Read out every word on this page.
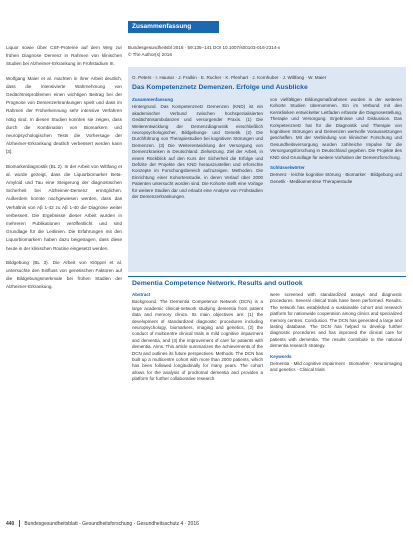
Liquor sowie Über CSF-Proteine auf dem Weg zur frühen Diagnose Demenz in Rahmen von klinischen Studien bei Alzheimer-Erkrankung im Frühstadium III.

Wolfgang Maier et al. machten in ihrer Arbeit deutlich, dass die intensivierte Wahrnehmung von Gedächtnisproblemen einen wichtigen Beitrag bei der Prognose von Demenzerkrankungen spielt und dass im Rahmen der Früherkennung sehr intensive Verfahren nötig sind. In diesen Studien konnten sie zeigen, dass durch die Kombination von Biomarkern und neuropsychologischen Tests die Vorhersage der Alzheimer-Erkrankung deutlich verbessert werden kann [3].

Biomarkerdiagnostik (BL 2). In der Arbeit von Wiltfang et al. wurde gezeigt, dass die Liquorbiomarker Beta-Amyloid und Tau eine Steigerung der diagnostischen Sicherheit bei Alzheimer-Demenz ermöglichen. Außerdem konnte nachgewiesen werden, dass das Verhältnis von Aβ 1-42 zu Aβ 1-40 die Diagnose weiter verbessert. Die Ergebnisse dieser Arbeit wurden in mehreren Publikationen veröffentlicht und sind Grundlage für die Leitlinien. Die Erfahrungen mit den Liquorbiomarkern haben dazu beigetragen, dass diese heute in der klinischen Routine eingesetzt werden.

Bildgebung (BL 3). Die Arbeit von Klöppel et al. untersuchte den Einfluss von genetischen Faktoren auf die Bildgebungsmerkmale bei frühen Stadien der Alzheimer-Erkrankung.

Zusammenfassung Abstract
Bundesgesundheitsbl 2016 · 59:135–141 DOI 10.1007/s00103-016-2314-x
© The Author(s) 2016
G. Peters · I. Hausar · J. Fraikin · E. Rucher · K. Plenhart · J. Kornhuber · J. Wiltfang · W. Maier
Das Kompetenznetz Demenzen. Erfolge und Ausblicke
Zusammenfassung

Hintergrund. Das Kompetenznetz Demenzen (KND) ist ein akademischer Verbund zwischen hochspezialisierten Gedächtnisambulanzen und versorgender Praxis. (1) Die Weiterentwicklung der Demenzdiagnostik einschließlich neuropsychologischer, Bildgebungs- und Genetik. (2) Die Durchführung von Therapiestudien bei kognitiven Störungen und Demenzen. (3) Die Weiterentwicklung der Versorgung von Demenzkranken in Deutschland. Zielsetzung. Ziel der Arbeit, in einem Rückblick auf den Kurs der Sicherheit die Erfolge und Defizite der Projekte des KND herauszustellen und erforschte Konzepte im Forschungsbereich aufzuzeigen. Methoden. Die Einrichtung einer Kohortenstudie, in deren Verlauf über 2000 Patienten untersucht worden sind. Die Kohorte stellt eine Vorlage für weitere Studien dar und erlaubt eine Analyse von Frühstadien der Demenzerkrankungen.

von vielfältigen Bildungsmaßnahmen wurden in der weiteren Kohorte Studien übernommen. Ein im Verbund mit den Kernkliniken entwickelter Leitfaden erfasste die Diagnosestellung, Therapie und Versorgung. Ergebnisse und Diskussion. Das Kompetenznetz hat für die Diagnostik und Therapie von kognitiven Störungen und Demenzen wertvolle Voraussetzungen geschaffen. Mit der Verbindung von klinischer Forschung und Gesundheitsversorgung wurden zahlreiche Impulse für die Versorgungsforschung in Deutschland gegeben. Die Projekte des KND sind Grundlage für weitere Vorhaben der Demenzforschung.

Schlüsselwörter

Demenz · leichte kognitive Störung · Biomarker · Bildgebung und Genetik · Medikamentöse Therapiestudie

Dementia Competence Network. Results and outlook
Abstract

Background. The Dementia Competence Network (DCN) is a large academic clinical-network studying dementia from patient data and memory clinics. Its main objectives are: (1) the development of standardized diagnostic procedures including neuropsychology, biomarkers, imaging and genetics, (2) the conduct of multicentre clinical trials in mild cognitive impairment and dementia, and (3) the improvement of care for patients with dementia. Aims. This article summarizes the achievements of the DCN and outlines its future perspectives. Methods. The DCN has built up a multicentre cohort with more than 2000 patients, which has been followed longitudinally for many years. The cohort allows for the analysis of prodromal dementia and provides a platform for further collaborative research.

were screened with standardized assays and diagnostic procedures. Several clinical trials have been performed. Results. The network has established a sustainable cohort and research platform for nationwide cooperation among clinics and specialized memory centres. Conclusion. The DCN has generated a large and lasting database. The DCN has helped to develop further diagnostic procedures and has improved the clinical care for patients with dementia. The results contribute to the national dementia research strategy.

Keywords

Dementia · Mild cognitive impairment · Biomarker · Neuroimaging and genetics · Clinical trials

440 Bundesgesundheitsblatt - Gesundheitsforschung - Gesundheitsschutz 4 · 2016
